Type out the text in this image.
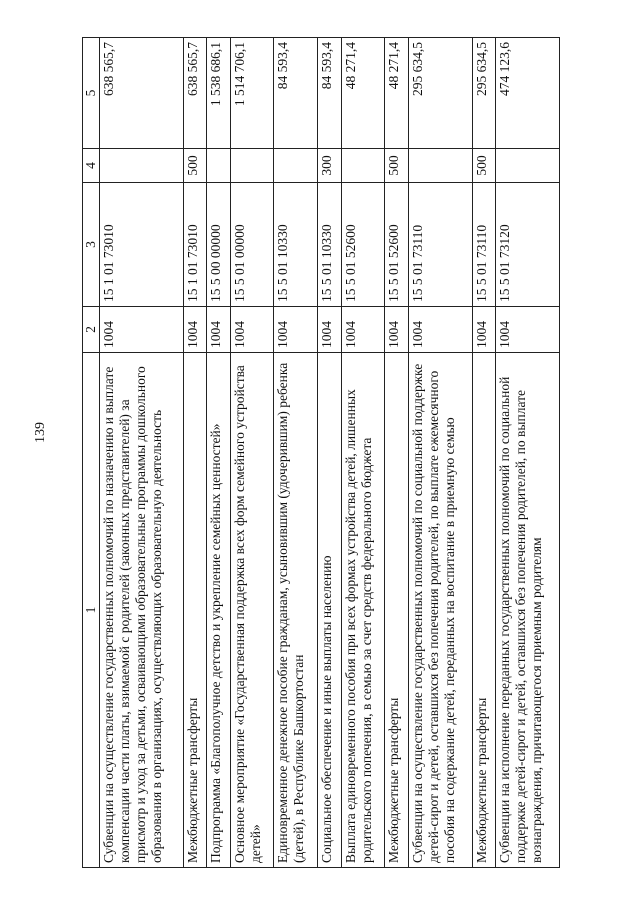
139
1	2	3	4	5
Субвенции на осуществление государственных полномочий по назначению и выплате компенсации части платы, взимаемой с родителей (законных представителей) за присмотр и уход за детьми, осваивающими образовательные программы дошкольного образования в организациях, осуществляющих образовательную деятельность	1004	15 1 01 73010		638 565,7
Межбюджетные трансферты	1004	15 1 01 73010	500	638 565,7
Подпрограмма «Благополучное детство и укрепление семейных ценностей»	1004	15 5 00 00000		1 538 686,1
Основное мероприятие «Государственная поддержка всех форм семейного устройства детей»	1004	15 5 01 00000		1 514 706,1
Единовременное денежное пособие гражданам, усыновившим (удочерившим) ребенка (детей), в Республике Башкортостан	1004	15 5 01 10330		84 593,4
Социальное обеспечение и иные выплаты населению	1004	15 5 01 10330	300	84 593,4
Выплата единовременного пособия при всех формах устройства детей, лишенных родительского попечения, в семью за счет средств федерального бюджета	1004	15 5 01 52600		48 271,4
Межбюджетные трансферты	1004	15 5 01 52600	500	48 271,4
Субвенции на осуществление государственных полномочий по социальной поддержке детей-сирот и детей, оставшихся без попечения родителей, по выплате ежемесячного пособия на содержание детей, переданных на воспитание в приемную семью	1004	15 5 01 73110		295 634,5
Межбюджетные трансферты	1004	15 5 01 73110	500	295 634,5
Субвенции на исполнение переданных государственных полномочий по социальной поддержке детей-сирот и детей, оставшихся без попечения родителей, по выплате вознаграждения, причитающегося приемным родителям	1004	15 5 01 73120		474 123,6
